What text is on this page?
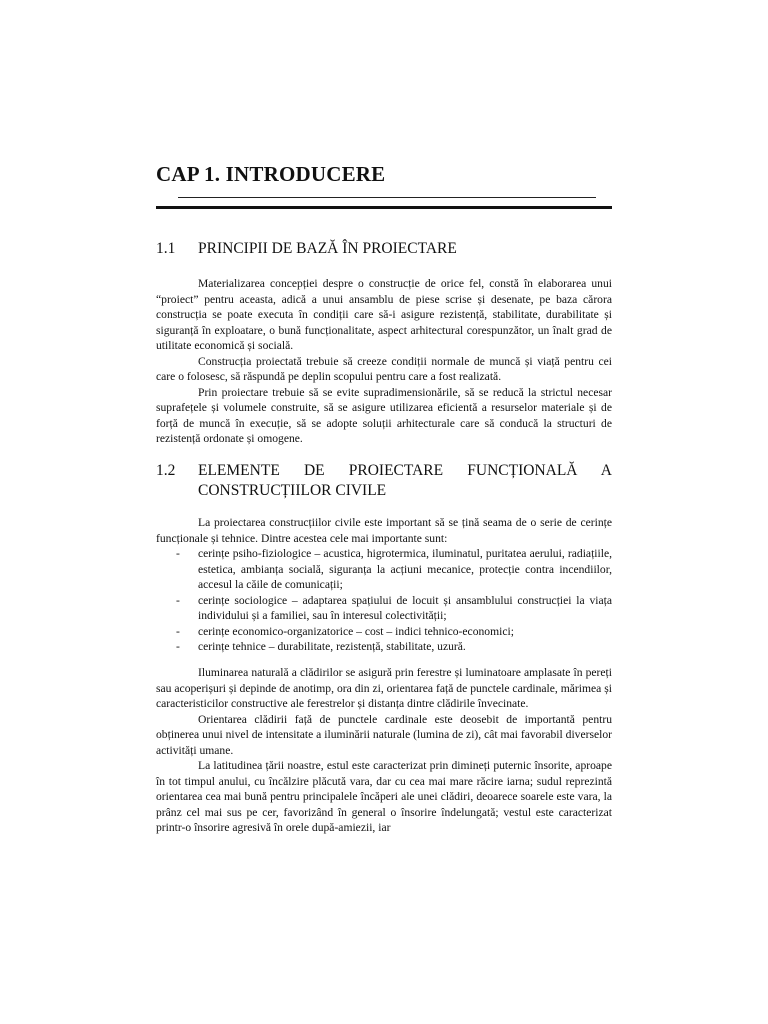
CAP 1. INTRODUCERE
1.1 PRINCIPII DE BAZĂ ÎN PROIECTARE

Materializarea concepției despre o construcție de orice fel, constă în elaborarea unui “proiect” pentru aceasta, adică a unui ansamblu de piese scrise și desenate, pe baza cărora construcția se poate executa în condiții care să-i asigure rezistență, stabilitate, durabilitate și siguranță în exploatare, o bună funcționalitate, aspect arhitectural corespunzător, un înalt grad de utilitate economică și socială.

Construcția proiectată trebuie să creeze condiții normale de muncă și viață pentru cei care o folosesc, să răspundă pe deplin scopului pentru care a fost realizată.

Prin proiectare trebuie să se evite supradimensionările, să se reducă la strictul necesar suprafețele și volumele construite, să se asigure utilizarea eficientă a resurselor materiale și de forță de muncă în execuție, să se adopte soluții arhitecturale care să conducă la structuri de rezistență ordonate și omogene.

1.2 ELEMENTE DE PROIECTARE FUNCȚIONALĂ A
CONSTRUCȚIILOR CIVILE

La proiectarea construcțiilor civile este important să se țină seama de o serie de cerințe funcționale și tehnice. Dintre acestea cele mai importante sunt:

- cerințe psiho-fiziologice – acustica, higrotermica, iluminatul, puritatea aerului, radiațiile, estetica, ambianța socială, siguranța la acțiuni mecanice, protecție contra incendiilor, accesul la căile de comunicații;
- cerințe sociologice – adaptarea spațiului de locuit și ansamblului construcției la viața individului și a familiei, sau în interesul colectivității;
- cerințe economico-organizatorice – cost – indici tehnico-economici;
- cerințe tehnice – durabilitate, rezistență, stabilitate, uzură.

Iluminarea naturală a clădirilor se asigură prin ferestre și luminatoare amplasate în pereți sau acoperișuri și depinde de anotimp, ora din zi, orientarea față de punctele cardinale, mărimea și caracteristicilor constructive ale ferestrelor și distanța dintre clădirile învecinate.

Orientarea clădirii față de punctele cardinale este deosebit de importantă pentru obținerea unui nivel de intensitate a iluminării naturale (lumina de zi), cât mai favorabil diverselor activități umane.

La latitudinea țării noastre, estul este caracterizat prin dimineți puternic însorite, aproape în tot timpul anului, cu încălzire plăcută vara, dar cu cea mai mare răcire iarna; sudul reprezintă orientarea cea mai bună pentru principalele încăperi ale unei clădiri, deoarece soarele este vara, la prânz cel mai sus pe cer, favorizând în general o însorire îndelungată; vestul este caracterizat printr-o însorire agresivă în orele după-amiezii, iar
